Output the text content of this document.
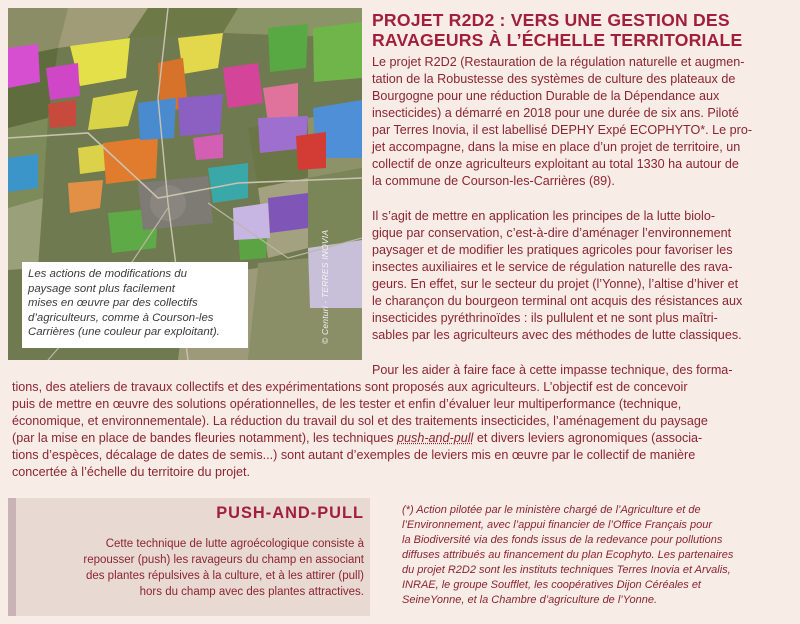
© Centuri - TERRES INOVIA
Les actions de modifications du
paysage sont plus facilement
mises en œuvre par des collectifs
d’agriculteurs, comme à Courson-les
Carrières (une couleur par exploitant).
PROJET R2D2 : VERS UNE GESTION DES
RAVAGEURS À L’ÉCHELLE TERRITORIALE
Le projet R2D2 (Restauration de la régulation naturelle et augmen-
tation de la Robustesse des systèmes de culture des plateaux de
Bourgogne pour une réduction Durable de la Dépendance aux
insecticides) a démarré en 2018 pour une durée de six ans. Piloté
par Terres Inovia, il est labellisé DEPHY Expé ECOPHYTO*. Le pro-
jet accompagne, dans la mise en place d’un projet de territoire, un
collectif de onze agriculteurs exploitant au total 1330 ha autour de
la commune de Courson-les-Carrières (89).
Il s’agit de mettre en application les principes de la lutte biolo-
gique par conservation, c’est-à-dire d’aménager l’environnement
paysager et de modifier les pratiques agricoles pour favoriser les
insectes auxiliaires et le service de régulation naturelle des rava-
geurs. En effet, sur le secteur du projet (l’Yonne), l’altise d’hiver et
le charançon du bourgeon terminal ont acquis des résistances aux
insecticides pyréthrinoïdes : ils pullulent et ne sont plus maîtri-
sables par les agriculteurs avec des méthodes de lutte classiques.
Pour les aider à faire face à cette impasse technique, des forma-
tions, des ateliers de travaux collectifs et des expérimentations sont proposés aux agriculteurs. L’objectif est de concevoir
puis de mettre en œuvre des solutions opérationnelles, de les tester et enfin d’évaluer leur multiperformance (technique,
économique, et environnementale). La réduction du travail du sol et des traitements insecticides, l’aménagement du paysage
(par la mise en place de bandes fleuries notamment), les techniques push-and-pull et divers leviers agronomiques (associa-
tions d’espèces, décalage de dates de semis...) sont autant d’exemples de leviers mis en œuvre par le collectif de manière
concertée à l’échelle du territoire du projet.
PUSH-AND-PULL
Cette technique de lutte agroécologique consiste à
repousser (push) les ravageurs du champ en associant
des plantes répulsives à la culture, et à les attirer (pull)
hors du champ avec des plantes attractives.
(*) Action pilotée par le ministère chargé de l’Agriculture et de
l’Environnement, avec l’appui financier de l’Office Français pour
la Biodiversité via des fonds issus de la redevance pour pollutions
diffuses attribués au financement du plan Ecophyto. Les partenaires
du projet R2D2 sont les instituts techniques Terres Inovia et Arvalis,
INRAE, le groupe Soufflet, les coopératives Dijon Céréales et
SeineYonne, et la Chambre d’agriculture de l’Yonne.
